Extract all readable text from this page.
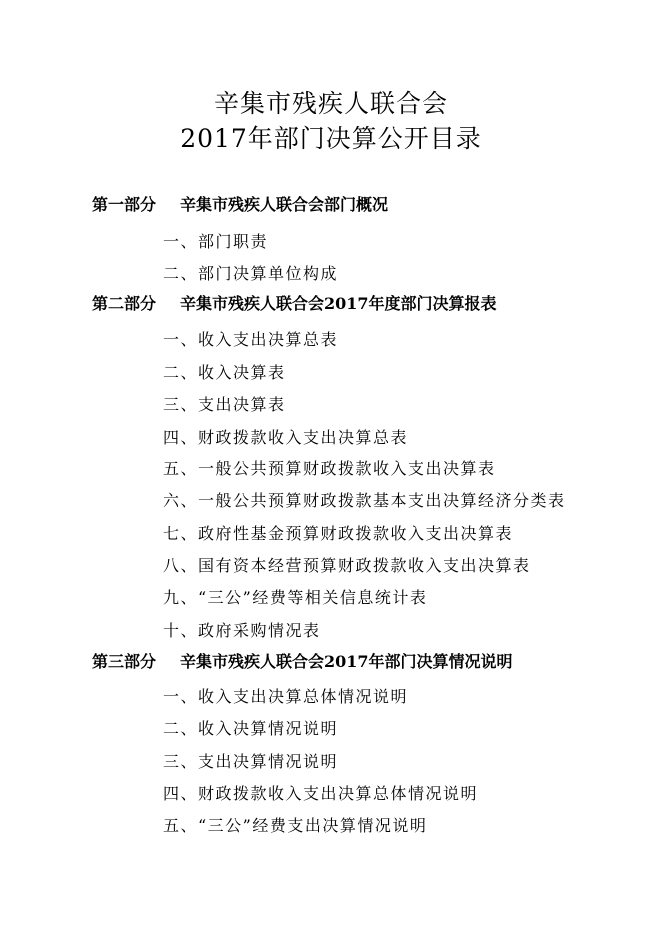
辛集市残疾人联合会
2017年部门决算公开目录
第一部分 辛集市残疾人联合会部门概况
一、部门职责
二、部门决算单位构成
第二部分 辛集市残疾人联合会2017年度部门决算报表
一、收入支出决算总表
二、收入决算表
三、支出决算表
四、财政拨款收入支出决算总表
五、一般公共预算财政拨款收入支出决算表
六、一般公共预算财政拨款基本支出决算经济分类表
七、政府性基金预算财政拨款收入支出决算表
八、国有资本经营预算财政拨款收入支出决算表
九、“三公”经费等相关信息统计表
十、政府采购情况表
第三部分 辛集市残疾人联合会2017年部门决算情况说明
一、收入支出决算总体情况说明
二、收入决算情况说明
三、支出决算情况说明
四、财政拨款收入支出决算总体情况说明
五、“三公”经费支出决算情况说明
